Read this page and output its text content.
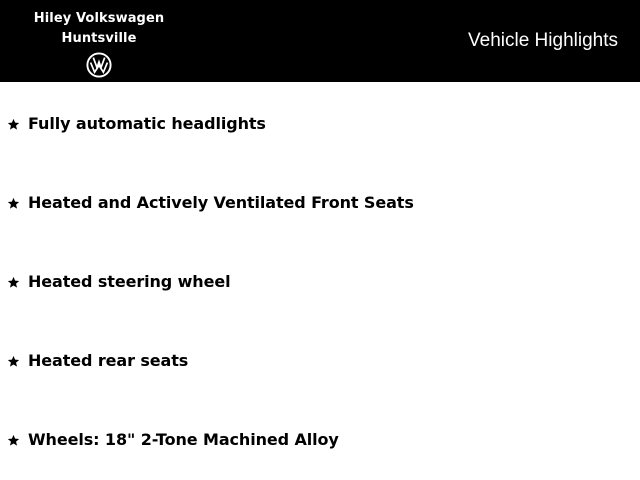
Hiley Volkswagen
Huntsville	Vehicle Highlights
Fully automatic headlights
Heated and Actively Ventilated Front Seats
Heated steering wheel
Heated rear seats
Wheels: 18" 2-Tone Machined Alloy
